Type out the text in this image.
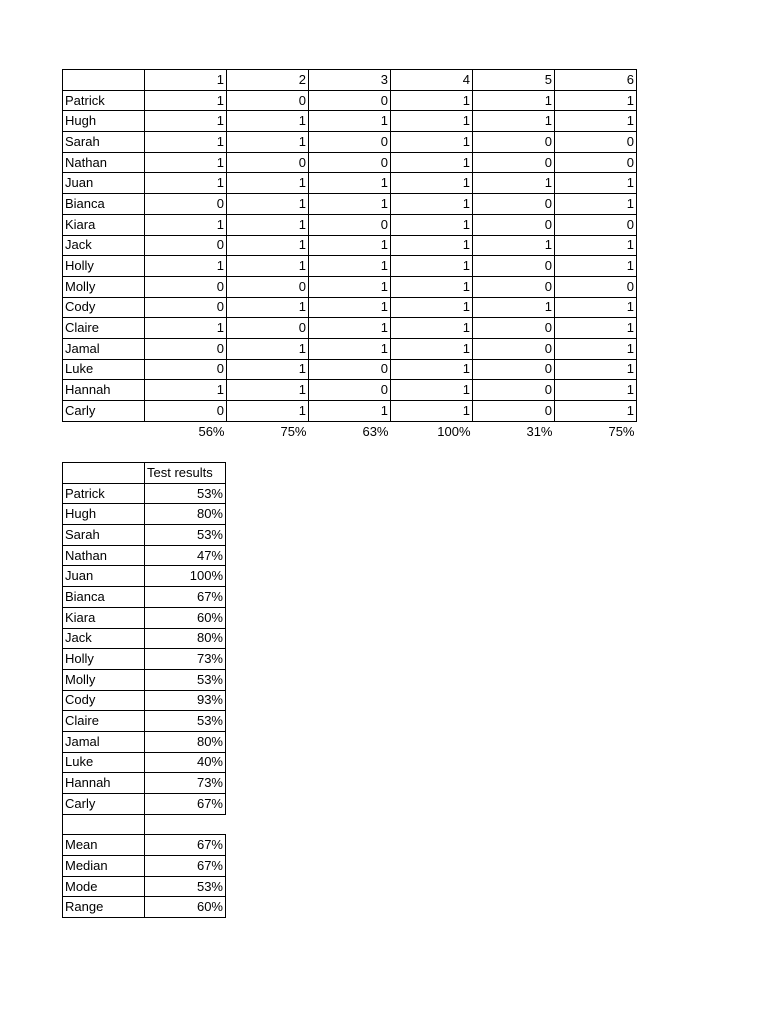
	1	2	3	4	5	6
Patrick	1	0	0	1	1	1
Hugh	1	1	1	1	1	1
Sarah	1	1	0	1	0	0
Nathan	1	0	0	1	0	0
Juan	1	1	1	1	1	1
Bianca	0	1	1	1	0	1
Kiara	1	1	0	1	0	0
Jack	0	1	1	1	1	1
Holly	1	1	1	1	0	1
Molly	0	0	1	1	0	0
Cody	0	1	1	1	1	1
Claire	1	0	1	1	0	1
Jamal	0	1	1	1	0	1
Luke	0	1	0	1	0	1
Hannah	1	1	0	1	0	1
Carly	0	1	1	1	0	1
	56%	75%	63%	100%	31%	75%
	Test results
Patrick	53%
Hugh	80%
Sarah	53%
Nathan	47%
Juan	100%
Bianca	67%
Kiara	60%
Jack	80%
Holly	73%
Molly	53%
Cody	93%
Claire	53%
Jamal	80%
Luke	40%
Hannah	73%
Carly	67%

Mean	67%
Median	67%
Mode	53%
Range	60%
